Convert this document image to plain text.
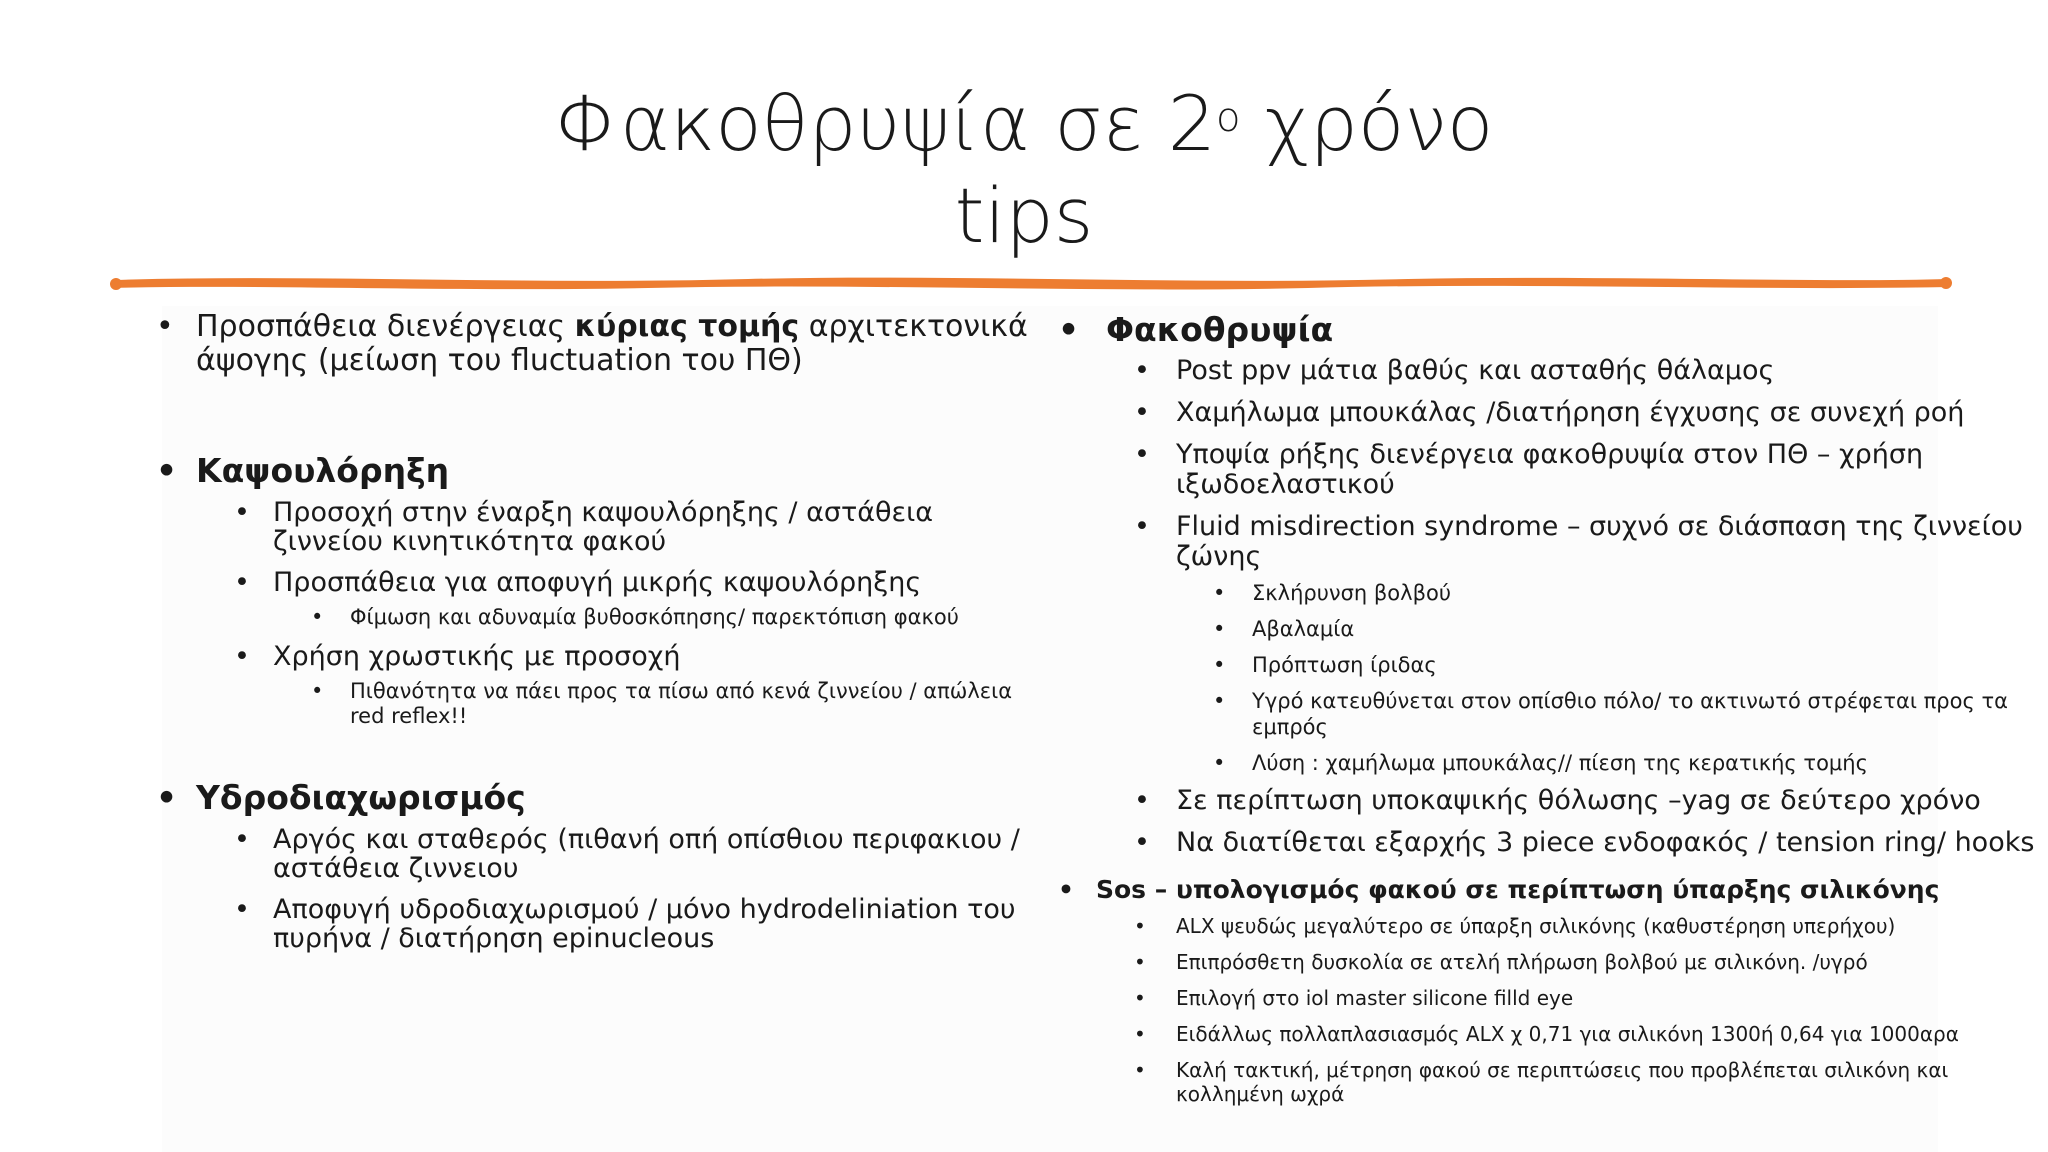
Φακοθρυψία σε $2^o$ χρόνο
tips
• Προσπάθεια διενέργειας κύριας τομής αρχιτεκτονικά άψογης (μείωση του fluctuation του ΠΘ)
• Καψουλόρηξη
• Προσοχή στην έναρξη καψουλόρηξης / αστάθεια ζιννείου κινητικότητα φακού
• Προσπάθεια για αποφυγή μικρής καψουλόρηξης
• Φίμωση και αδυναμία βυθοσκόπησης/ παρεκτόπιση φακού
• Χρήση χρωστικής με προσοχή
• Πιθανότητα να πάει προς τα πίσω από κενά ζιννείου / απώλεια red reflex!!
• Υδροδιαχωρισμός
• Αργός και σταθερός (πιθανή οπή οπίσθιου περιφακιου /αστάθεια ζιννειου
• Αποφυγή υδροδιαχωρισμού / μόνο hydrodeliniation του πυρήνα / διατήρηση epinucleous
• Φακοθρυψία
• Post ppv μάτια βαθύς και ασταθής θάλαμος
• Χαμήλωμα μπουκάλας /διατήρηση έγχυσης σε συνεχή ροή
• Υποψία ρήξης διενέργεια φακοθρυψία στον ΠΘ – χρήση ιξωδοελαστικού
• Fluid misdirection syndrome – συχνό σε διάσπαση της ζιννείου ζώνης
• Σκλήρυνση βολβού
• Αβαλαμία
• Πρόπτωση ίριδας
• Υγρό κατευθύνεται στον οπίσθιο πόλο/ το ακτινωτό στρέφεται προς τα εμπρός
• Λύση : χαμήλωμα μπουκάλας// πίεση της κερατικής τομής
• Σε περίπτωση υποκαψικής θόλωσης –yag σε δεύτερο χρόνο
• Να διατίθεται εξαρχής 3 piece ενδοφακός / tension ring/ hooks
• Sos – υπολογισμός φακού σε περίπτωση ύπαρξης σιλικόνης
• ALX ψευδώς μεγαλύτερο σε ύπαρξη σιλικόνης (καθυστέρηση υπερήχου)
• Επιπρόσθετη δυσκολία σε ατελή πλήρωση βολβού με σιλικόνη. /υγρό
• Επιλογή στο iol master silicone filld eye
• Ειδάλλως πολλαπλασιασμός ALX χ 0,71 για σιλικόνη 1300ή 0,64 για 1000αρα
• Καλή τακτική, μέτρηση φακού σε περιπτώσεις που προβλέπεται σιλικόνη και κολλημένη ωχρά
